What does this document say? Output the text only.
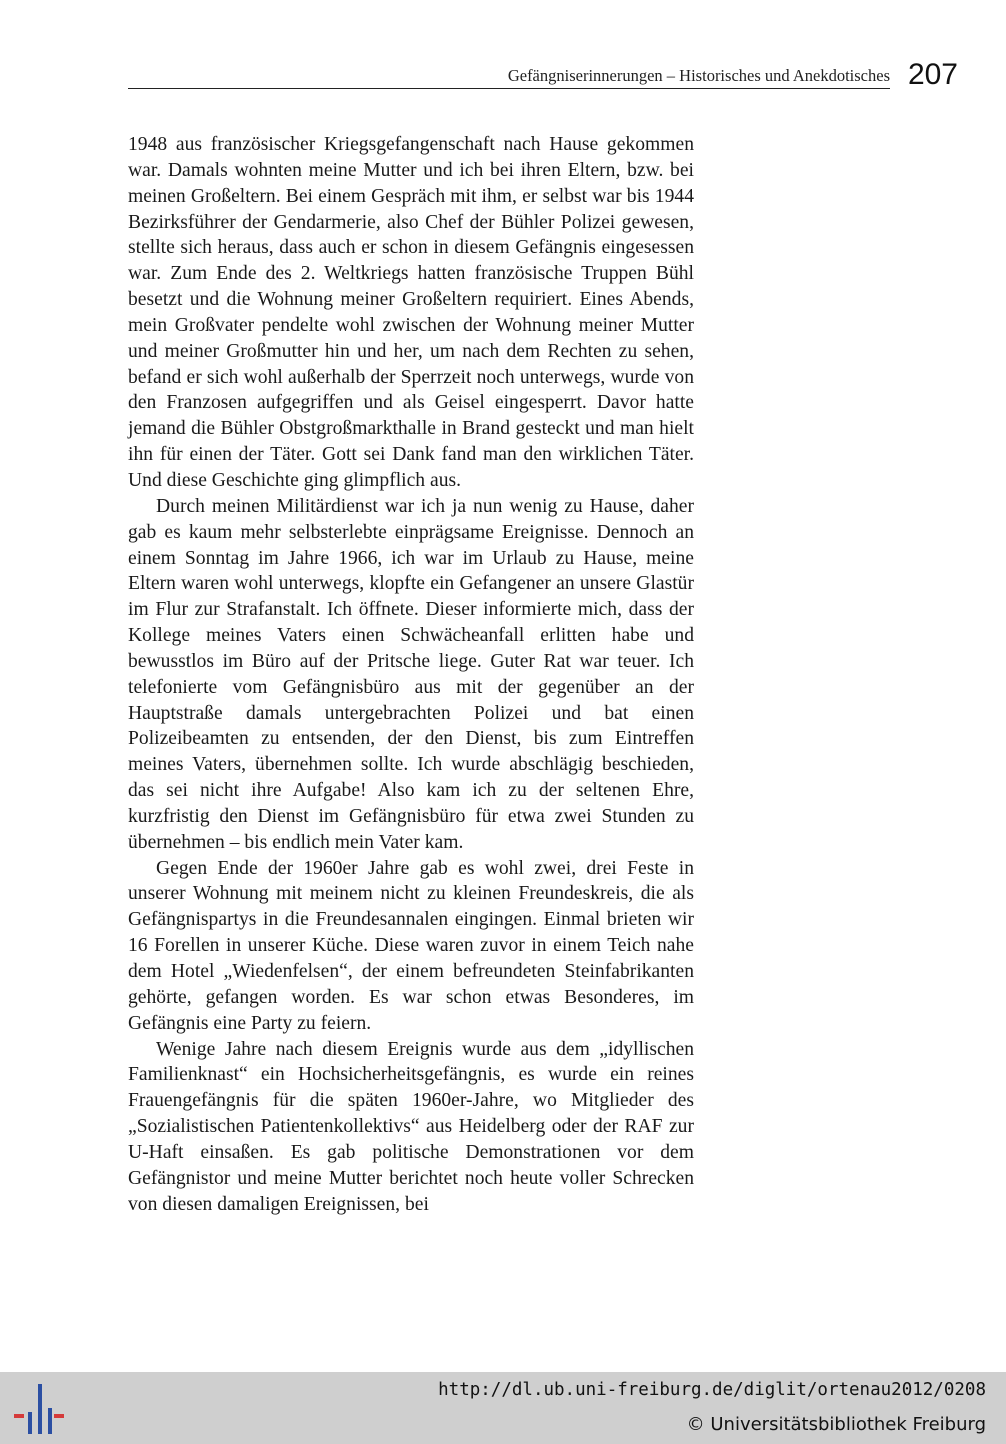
Gefängniserinnerungen – Historisches und Anekdotisches 207

1948 aus französischer Kriegsgefangenschaft nach Hause gekommen war. Damals wohnten meine Mutter und ich bei ihren Eltern, bzw. bei meinen Großeltern. Bei einem Gespräch mit ihm, er selbst war bis 1944 Bezirksführer der Gendarmerie, also Chef der Bühler Polizei gewesen, stellte sich heraus, dass auch er schon in diesem Gefängnis eingesessen war. Zum Ende des 2. Weltkriegs hatten französische Truppen Bühl besetzt und die Wohnung meiner Großeltern requiriert. Eines Abends, mein Großvater pendelte wohl zwischen der Wohnung meiner Mutter und meiner Großmutter hin und her, um nach dem Rechten zu sehen, befand er sich wohl außerhalb der Sperrzeit noch unterwegs, wurde von den Franzosen aufgegriffen und als Geisel eingesperrt. Davor hatte jemand die Bühler Obstgroßmarkthalle in Brand gesteckt und man hielt ihn für einen der Täter. Gott sei Dank fand man den wirklichen Täter. Und diese Geschichte ging glimpflich aus.

Durch meinen Militärdienst war ich ja nun wenig zu Hause, daher gab es kaum mehr selbsterlebte einprägsame Ereignisse. Dennoch an einem Sonntag im Jahre 1966, ich war im Urlaub zu Hause, meine Eltern waren wohl unterwegs, klopfte ein Gefangener an unsere Glastür im Flur zur Strafanstalt. Ich öffnete. Dieser informierte mich, dass der Kollege meines Vaters einen Schwächeanfall erlitten habe und bewusstlos im Büro auf der Pritsche liege. Guter Rat war teuer. Ich telefonierte vom Gefängnisbüro aus mit der gegenüber an der Hauptstraße damals untergebrachten Polizei und bat einen Polizeibeamten zu entsenden, der den Dienst, bis zum Eintreffen meines Vaters, übernehmen sollte. Ich wurde abschlägig beschieden, das sei nicht ihre Aufgabe! Also kam ich zu der seltenen Ehre, kurzfristig den Dienst im Gefängnisbüro für etwa zwei Stunden zu übernehmen – bis endlich mein Vater kam.

Gegen Ende der 1960er Jahre gab es wohl zwei, drei Feste in unserer Wohnung mit meinem nicht zu kleinen Freundeskreis, die als Gefängnispartys in die Freundesannalen eingingen. Einmal brieten wir 16 Forellen in unserer Küche. Diese waren zuvor in einem Teich nahe dem Hotel „Wiedenfelsen“, der einem befreundeten Steinfabrikanten gehörte, gefangen worden. Es war schon etwas Besonderes, im Gefängnis eine Party zu feiern.

Wenige Jahre nach diesem Ereignis wurde aus dem „idyllischen Familienknast“ ein Hochsicherheitsgefängnis, es wurde ein reines Frauengefängnis für die späten 1960er-Jahre, wo Mitglieder des „Sozialistischen Patientenkollektivs“ aus Heidelberg oder der RAF zur U-Haft einsaßen. Es gab politische Demonstrationen vor dem Gefängnistor und meine Mutter berichtet noch heute voller Schrecken von diesen damaligen Ereignissen, bei

http://dl.ub.uni-freiburg.de/diglit/ortenau2012/0208
© Universitätsbibliothek Freiburg
